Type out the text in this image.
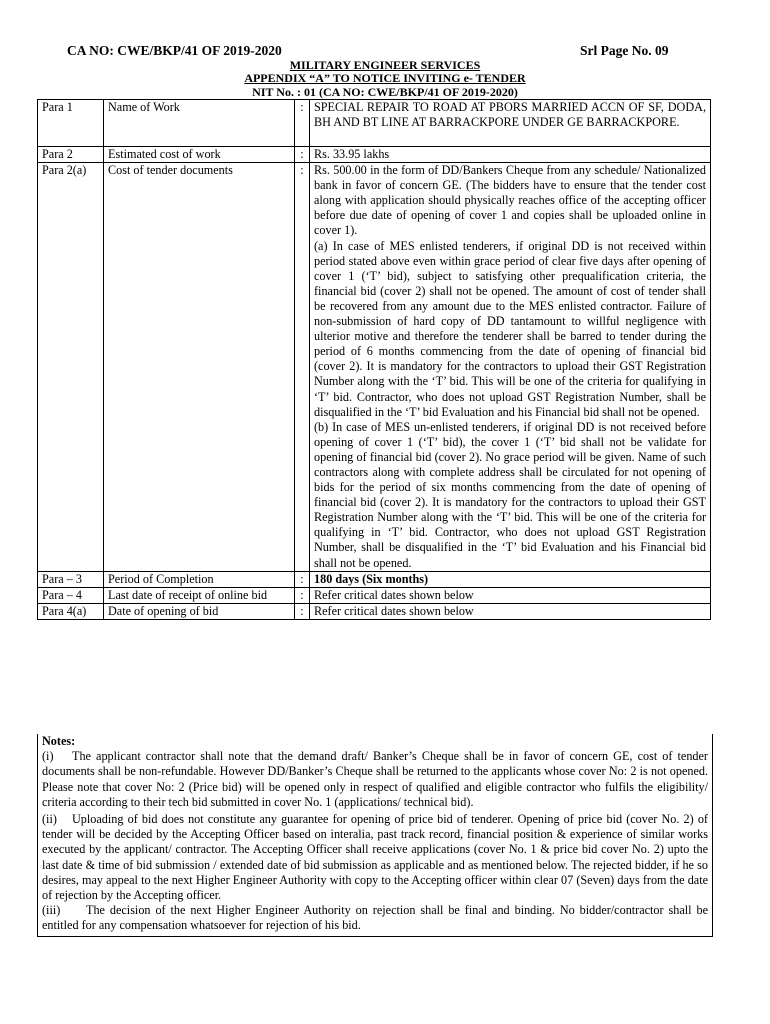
CA NO: CWE/BKP/41 OF 2019-2020	Srl Page No. 09
MILITARY ENGINEER SERVICES
APPENDIX “A” TO NOTICE INVITING e- TENDER
NIT No. : 01 (CA NO: CWE/BKP/41 OF 2019-2020)
Para 1	Name of Work	:	SPECIAL REPAIR TO ROAD AT PBORS MARRIED ACCN OF SF, DODA, BH AND BT LINE AT BARRACKPORE UNDER GE BARRACKPORE.
Para 2	Estimated cost of work	:	Rs. 33.95 lakhs
Para 2(a)	Cost of tender documents	:	Rs. 500.00 in the form of DD/Bankers Cheque from any schedule/ Nationalized bank in favor of concern GE. (The bidders have to ensure that the tender cost along with application should physically reaches office of the accepting officer before due date of opening of cover 1 and copies shall be uploaded online in cover 1).
(a) In case of MES enlisted tenderers, if original DD is not received within period stated above even within grace period of clear five days after opening of cover 1 (‘T’ bid), subject to satisfying other prequalification criteria, the financial bid (cover 2) shall not be opened. The amount of cost of tender shall be recovered from any amount due to the MES enlisted contractor. Failure of non-submission of hard copy of DD tantamount to willful negligence with ulterior motive and therefore the tenderer shall be barred to tender during the period of 6 months commencing from the date of opening of financial bid (cover 2). It is mandatory for the contractors to upload their GST Registration Number along with the ‘T’ bid. This will be one of the criteria for qualifying in ‘T’ bid. Contractor, who does not upload GST Registration Number, shall be disqualified in the ‘T’ bid Evaluation and his Financial bid shall not be opened.
(b) In case of MES un-enlisted tenderers, if original DD is not received before opening of cover 1 (‘T’ bid), the cover 1 (‘T’ bid shall not be validate for opening of financial bid (cover 2). No grace period will be given. Name of such contractors along with complete address shall be circulated for not opening of bids for the period of six months commencing from the date of opening of financial bid (cover 2). It is mandatory for the contractors to upload their GST Registration Number along with the ‘T’ bid. This will be one of the criteria for qualifying in ‘T’ bid. Contractor, who does not upload GST Registration Number, shall be disqualified in the ‘T’ bid Evaluation and his Financial bid shall not be opened.

Para – 3	Period of Completion	:	180 days (Six months)
Para – 4	Last date of receipt of online bid	:	Refer critical dates shown below
Para 4(a)	Date of opening of bid	:	Refer critical dates shown below

Notes:

(i) The applicant contractor shall note that the demand draft/ Banker’s Cheque shall be in favor of concern GE, cost of tender documents shall be non-refundable. However DD/Banker’s Cheque shall be returned to the applicants whose cover No: 2 is not opened. Please note that cover No: 2 (Price bid) will be opened only in respect of qualified and eligible contractor who fulfils the eligibility/ criteria according to their tech bid submitted in cover No. 1 (applications/ technical bid).

(ii) Uploading of bid does not constitute any guarantee for opening of price bid of tenderer. Opening of price bid (cover No. 2) of tender will be decided by the Accepting Officer based on interalia, past track record, financial position & experience of similar works executed by the applicant/ contractor. The Accepting Officer shall receive applications (cover No. 1 & price bid cover No. 2) upto the last date & time of bid submission / extended date of bid submission as applicable and as mentioned below. The rejected bidder, if he so desires, may appeal to the next Higher Engineer Authority with copy to the Accepting officer within clear 07 (Seven) days from the date of rejection by the Accepting officer.

(iii) The decision of the next Higher Engineer Authority on rejection shall be final and binding. No bidder/contractor shall be entitled for any compensation whatsoever for rejection of his bid.
